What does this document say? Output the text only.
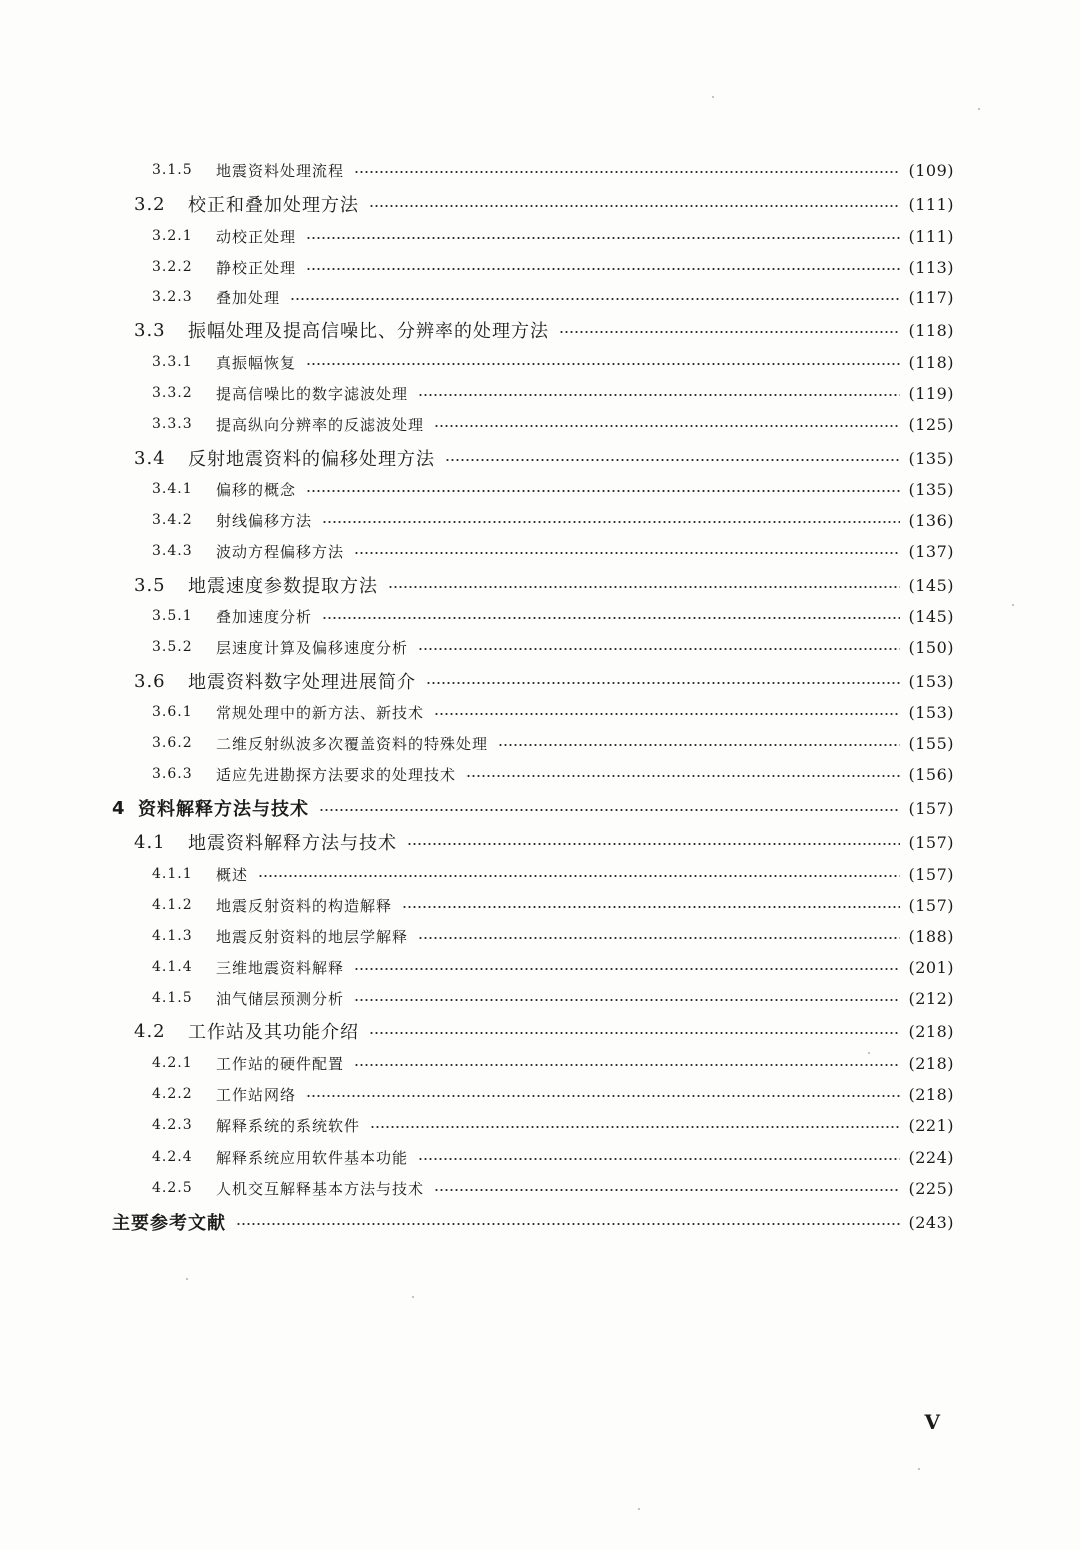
3.1.5	地震资料处理流程	(109)
3.2	校正和叠加处理方法	(111)
3.2.1	动校正处理	(111)
3.2.2	静校正处理	(113)
3.2.3	叠加处理	(117)
3.3	振幅处理及提高信噪比、分辨率的处理方法	(118)
3.3.1	真振幅恢复	(118)
3.3.2	提高信噪比的数字滤波处理	(119)
3.3.3	提高纵向分辨率的反滤波处理	(125)
3.4	反射地震资料的偏移处理方法	(135)
3.4.1	偏移的概念	(135)
3.4.2	射线偏移方法	(136)
3.4.3	波动方程偏移方法	(137)
3.5	地震速度参数提取方法	(145)
3.5.1	叠加速度分析	(145)
3.5.2	层速度计算及偏移速度分析	(150)
3.6	地震资料数字处理进展简介	(153)
3.6.1	常规处理中的新方法、新技术	(153)
3.6.2	二维反射纵波多次覆盖资料的特殊处理	(155)
3.6.3	适应先进勘探方法要求的处理技术	(156)
4 资料解释方法与技术	(157)
4.1	地震资料解释方法与技术	(157)
4.1.1	概述	(157)
4.1.2	地震反射资料的构造解释	(157)
4.1.3	地震反射资料的地层学解释	(188)
4.1.4	三维地震资料解释	(201)
4.1.5	油气储层预测分析	(212)
4.2	工作站及其功能介绍	(218)
4.2.1	工作站的硬件配置	(218)
4.2.2	工作站网络	(218)
4.2.3	解释系统的系统软件	(221)
4.2.4	解释系统应用软件基本功能	(224)
4.2.5	人机交互解释基本方法与技术	(225)
主要参考文献	(243)
V
